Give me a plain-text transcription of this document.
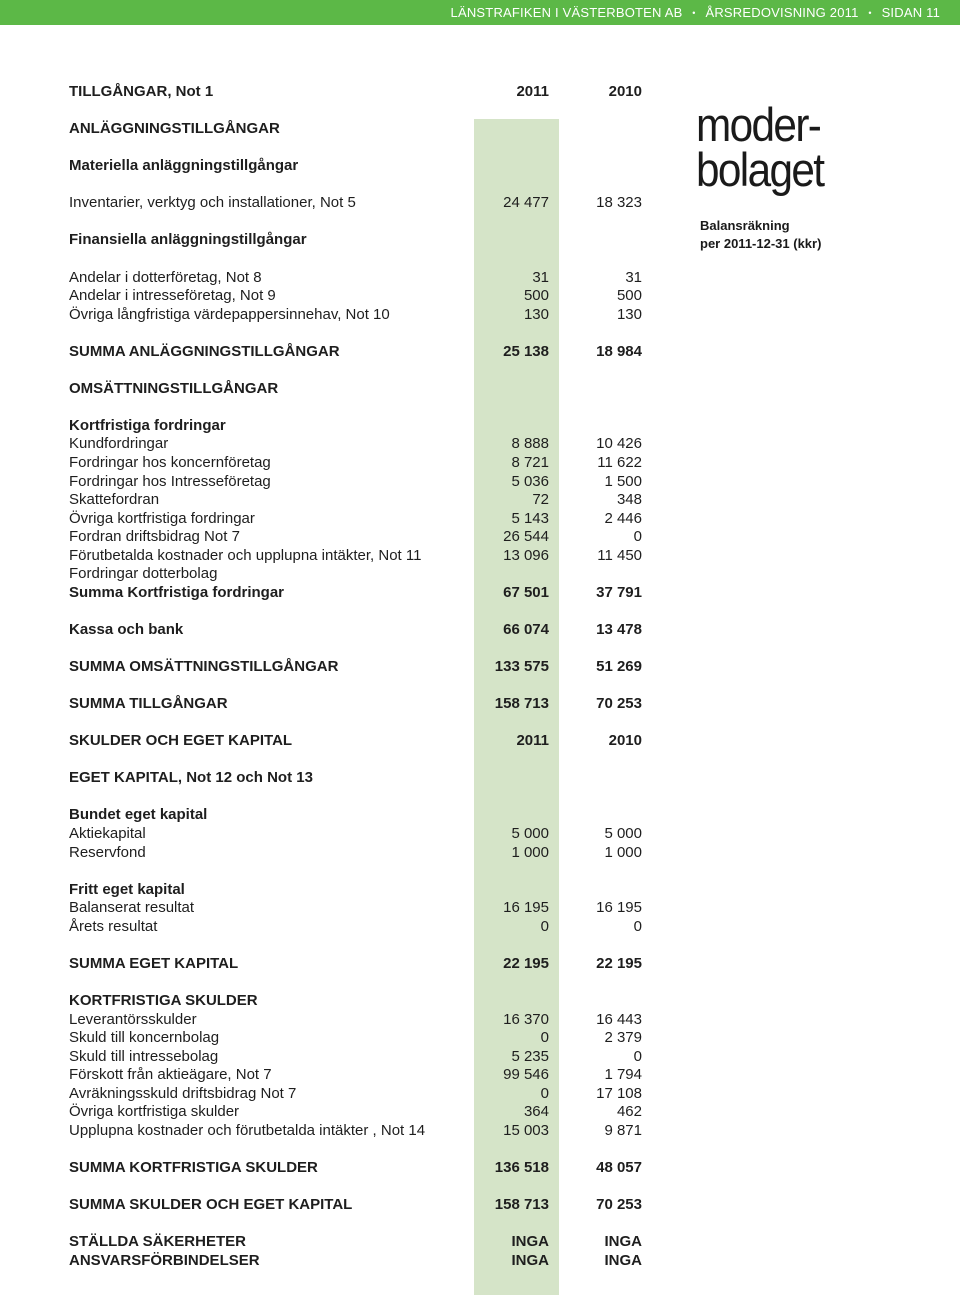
LÄNSTRAFIKEN I VÄSTERBOTEN AB • ÅRSREDOVISNING 2011 • SIDAN 11
moder-
bolaget
Balansräkning
per 2011-12-31 (kkr)
TILLGÅNGAR, Not 1	2011	2010
ANLÄGGNINGSTILLGÅNGAR
Materiella anläggningstillgångar
Inventarier, verktyg och installationer, Not 5	24 477	18 323
Finansiella anläggningstillgångar
Andelar i dotterföretag, Not 8	31	31
Andelar i intresseföretag, Not 9	500	500
Övriga långfristiga värdepappersinnehav, Not 10	130	130
SUMMA ANLÄGGNINGSTILLGÅNGAR	25 138	18 984
OMSÄTTNINGSTILLGÅNGAR
Kortfristiga fordringar
Kundfordringar	8 888	10 426
Fordringar hos koncernföretag	8 721	11 622
Fordringar hos Intresseföretag	5 036	1 500
Skattefordran	72	348
Övriga kortfristiga fordringar	5 143	2 446
Fordran driftsbidrag Not 7	26 544	0
Förutbetalda kostnader och upplupna intäkter, Not 11	13 096	11 450
Fordringar dotterbolag
Summa Kortfristiga fordringar	67 501	37 791
Kassa och bank	66 074	13 478
SUMMA OMSÄTTNINGSTILLGÅNGAR	133 575	51 269
SUMMA TILLGÅNGAR	158 713	70 253
SKULDER OCH EGET KAPITAL	2011	2010
EGET KAPITAL, Not 12 och Not 13
Bundet eget kapital
Aktiekapital	5 000	5 000
Reservfond	1 000	1 000
Fritt eget kapital
Balanserat resultat	16 195	16 195
Årets resultat	0	0
SUMMA EGET KAPITAL	22 195	22 195
KORTFRISTIGA SKULDER
Leverantörsskulder	16 370	16 443
Skuld till koncernbolag	0	2 379
Skuld till intressebolag	5 235	0
Förskott från aktieägare, Not 7	99 546	1 794
Avräkningsskuld driftsbidrag Not 7	0	17 108
Övriga kortfristiga skulder	364	462
Upplupna kostnader och förutbetalda intäkter , Not 14	15 003	9 871
SUMMA KORTFRISTIGA SKULDER	136 518	48 057
SUMMA SKULDER OCH EGET KAPITAL	158 713	70 253
STÄLLDA SÄKERHETER	INGA	INGA
ANSVARSFÖRBINDELSER	INGA	INGA
